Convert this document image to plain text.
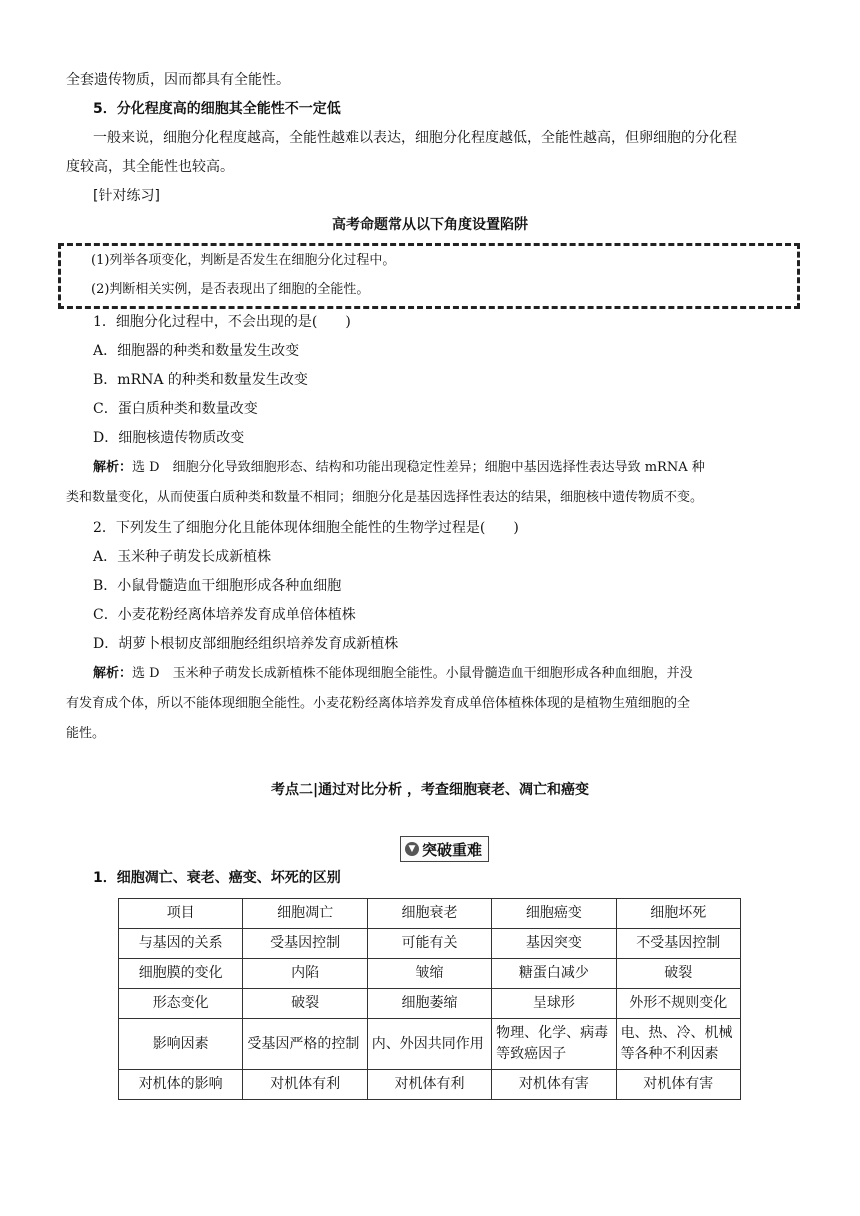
全套遗传物质，因而都具有全能性。
5．分化程度高的细胞其全能性不一定低
一般来说，细胞分化程度越高，全能性越难以表达，细胞分化程度越低，全能性越高，但卵细胞的分化程
度较高，其全能性也较高。
[针对练习]
高考命题常从以下角度设置陷阱
(1)列举各项变化，判断是否发生在细胞分化过程中。
(2)判断相关实例，是否表现出了细胞的全能性。
1．细胞分化过程中，不会出现的是(　　)
A．细胞器的种类和数量发生改变
B．mRNA 的种类和数量发生改变
C．蛋白质种类和数量改变
D．细胞核遗传物质改变
解析：选 D　细胞分化导致细胞形态、结构和功能出现稳定性差异；细胞中基因选择性表达导致 mRNA 种
类和数量变化，从而使蛋白质种类和数量不相同；细胞分化是基因选择性表达的结果，细胞核中遗传物质不变。
2．下列发生了细胞分化且能体现体细胞全能性的生物学过程是(　　)
A．玉米种子萌发长成新植株
B．小鼠骨髓造血干细胞形成各种血细胞
C．小麦花粉经离体培养发育成单倍体植株
D．胡萝卜根韧皮部细胞经组织培养发育成新植株
解析：选 D　玉米种子萌发长成新植株不能体现细胞全能性。小鼠骨髓造血干细胞形成各种血细胞，并没
有发育成个体，所以不能体现细胞全能性。小麦花粉经离体培养发育成单倍体植株体现的是植物生殖细胞的全
能性。
考点二|通过对比分析 ，考查细胞衰老、凋亡和癌变
▼ 突破重难
1．细胞凋亡、衰老、癌变、坏死的区别
项目	细胞凋亡	细胞衰老	细胞癌变	细胞坏死
与基因的关系	受基因控制	可能有关	基因突变	不受基因控制
细胞膜的变化	内陷	皱缩	糖蛋白减少	破裂
形态变化	破裂	细胞萎缩	呈球形	外形不规则变化
影响因素	受基因严格的控制	内、外因共同作用	物理、化学、病毒等致癌因子	电、热、冷、机械等各种不利因素
对机体的影响	对机体有利	对机体有利	对机体有害	对机体有害
